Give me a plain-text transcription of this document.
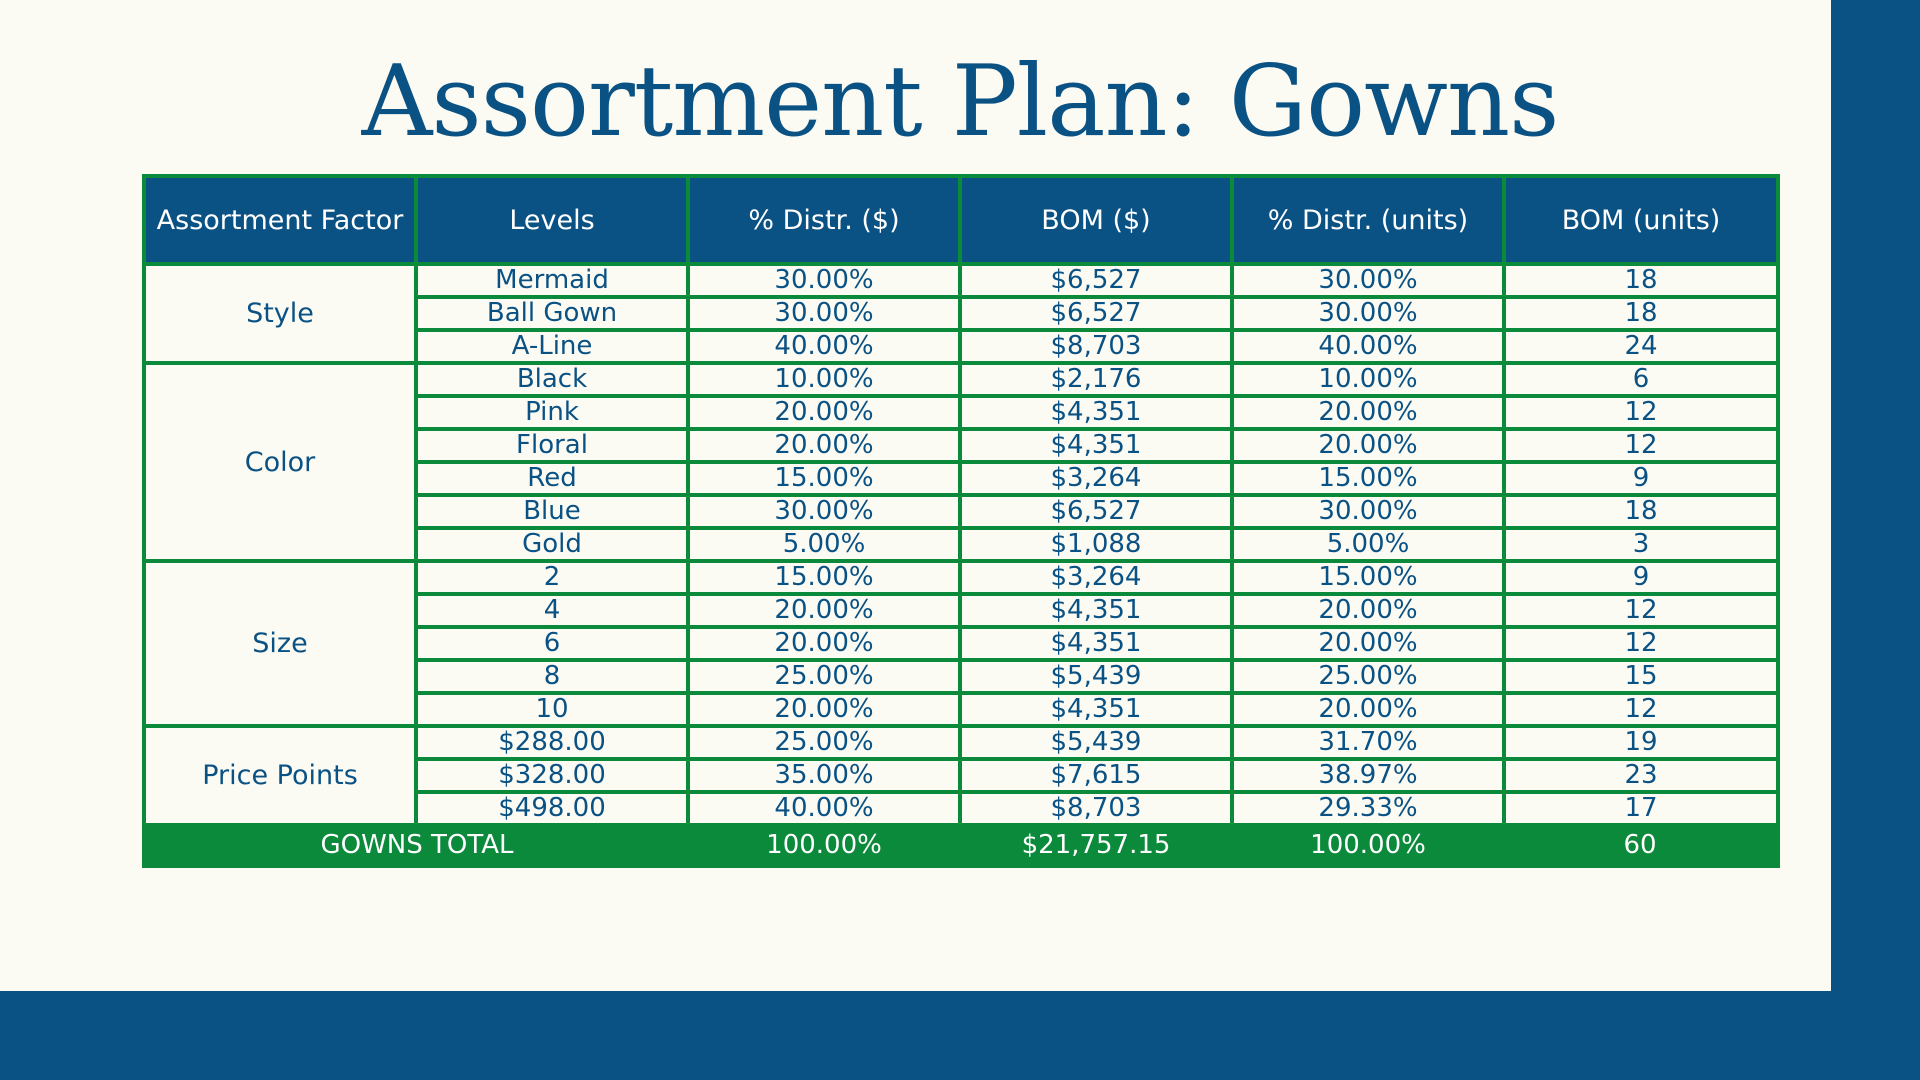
Assortment Plan: Gowns
Assortment Factor	Levels	% Distr. ($)	BOM ($)	% Distr. (units)	BOM (units)
Style	Mermaid	30.00%	$6,527	30.00%	18
	Ball Gown	30.00%	$6,527	30.00%	18
	A-Line	40.00%	$8,703	40.00%	24
Color	Black	10.00%	$2,176	10.00%	6
	Pink	20.00%	$4,351	20.00%	12
	Floral	20.00%	$4,351	20.00%	12
	Red	15.00%	$3,264	15.00%	9
	Blue	30.00%	$6,527	30.00%	18
	Gold	5.00%	$1,088	5.00%	3
Size	2	15.00%	$3,264	15.00%	9
	4	20.00%	$4,351	20.00%	12
	6	20.00%	$4,351	20.00%	12
	8	25.00%	$5,439	25.00%	15
	10	20.00%	$4,351	20.00%	12
Price Points	$288.00	25.00%	$5,439	31.70%	19
	$328.00	35.00%	$7,615	38.97%	23
	$498.00	40.00%	$8,703	29.33%	17
GOWNS TOTAL		100.00%	$21,757.15	100.00%	60
